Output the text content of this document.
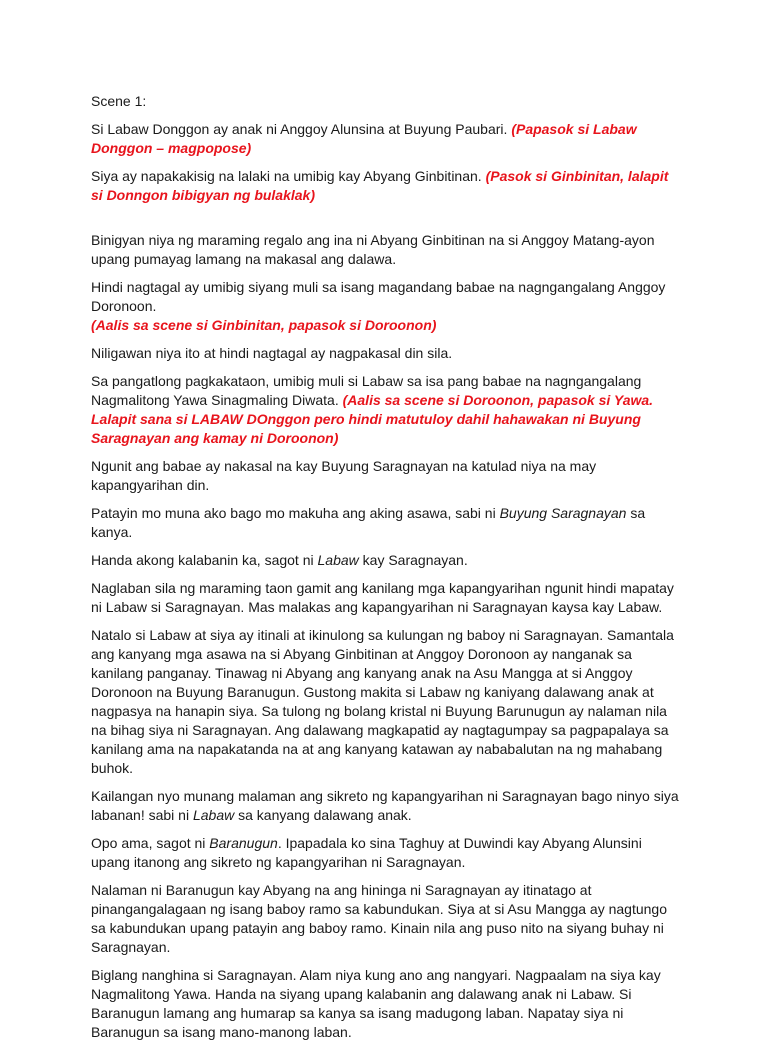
Scene 1:

Si Labaw Donggon ay anak ni Anggoy Alunsina at Buyung Paubari. (Papasok si Labaw Donggon – magpopose)

Siya ay napakakisig na lalaki na umibig kay Abyang Ginbitinan. (Pasok si Ginbinitan, lalapit si Donngon bibigyan ng bulaklak)

Binigyan niya ng maraming regalo ang ina ni Abyang Ginbitinan na si Anggoy Matang-ayon upang pumayag lamang na makasal ang dalawa.

Hindi nagtagal ay umibig siyang muli sa isang magandang babae na nagngangalang Anggoy Doronoon.
(Aalis sa scene si Ginbinitan, papasok si Doroonon)

Niligawan niya ito at hindi nagtagal ay nagpakasal din sila.

Sa pangatlong pagkakataon, umibig muli si Labaw sa isa pang babae na nagngangalang Nagmalitong Yawa Sinagmaling Diwata. (Aalis sa scene si Doroonon, papasok si Yawa. Lalapit sana si LABAW DOnggon pero hindi matutuloy dahil hahawakan ni Buyung Saragnayan ang kamay ni Doroonon)

Ngunit ang babae ay nakasal na kay Buyung Saragnayan na katulad niya na may kapangyarihan din.

Patayin mo muna ako bago mo makuha ang aking asawa, sabi ni Buyung Saragnayan sa kanya.

Handa akong kalabanin ka, sagot ni Labaw kay Saragnayan.

Naglaban sila ng maraming taon gamit ang kanilang mga kapangyarihan ngunit hindi mapatay ni Labaw si Saragnayan. Mas malakas ang kapangyarihan ni Saragnayan kaysa kay Labaw.

Natalo si Labaw at siya ay itinali at ikinulong sa kulungan ng baboy ni Saragnayan. Samantala ang kanyang mga asawa na si Abyang Ginbitinan at Anggoy Doronoon ay nanganak sa kanilang panganay. Tinawag ni Abyang ang kanyang anak na Asu Mangga at si Anggoy Doronoon na Buyung Baranugun. Gustong makita si Labaw ng kaniyang dalawang anak at nagpasya na hanapin siya. Sa tulong ng bolang kristal ni Buyung Barunugun ay nalaman nila na bihag siya ni Saragnayan. Ang dalawang magkapatid ay nagtagumpay sa pagpapalaya sa kanilang ama na napakatanda na at ang kanyang katawan ay nababalutan na ng mahabang buhok.

Kailangan nyo munang malaman ang sikreto ng kapangyarihan ni Saragnayan bago ninyo siya labanan! sabi ni Labaw sa kanyang dalawang anak.

Opo ama, sagot ni Baranugun. Ipapadala ko sina Taghuy at Duwindi kay Abyang Alunsini upang itanong ang sikreto ng kapangyarihan ni Saragnayan.

Nalaman ni Baranugun kay Abyang na ang hininga ni Saragnayan ay itinatago at pinangangalagaan ng isang baboy ramo sa kabundukan. Siya at si Asu Mangga ay nagtungo sa kabundukan upang patayin ang baboy ramo. Kinain nila ang puso nito na siyang buhay ni Saragnayan.

Biglang nanghina si Saragnayan. Alam niya kung ano ang nangyari. Nagpaalam na siya kay Nagmalitong Yawa. Handa na siyang upang kalabanin ang dalawang anak ni Labaw. Si Baranugun lamang ang humarap sa kanya sa isang madugong laban. Napatay siya ni Baranugun sa isang mano-manong laban.
